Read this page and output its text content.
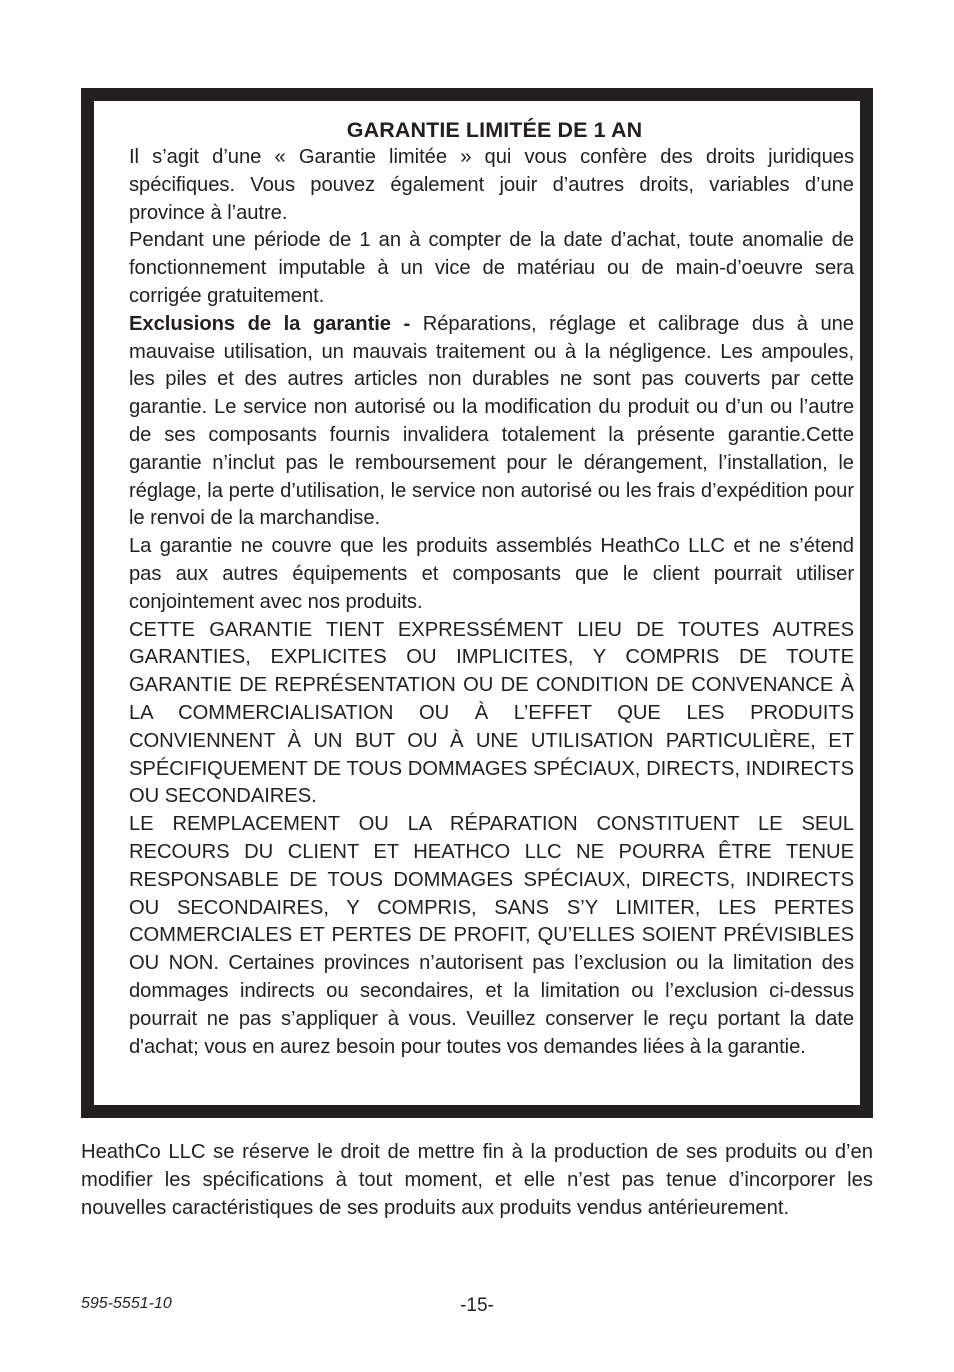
GARANTIE LIMITÉE DE 1 AN

Il s’agit d’une « Garantie limitée » qui vous confère des droits juridiques spécifiques. Vous pouvez également jouir d’autres droits, variables d’une province à l’autre.

Pendant une période de 1 an à compter de la date d’achat, toute anomalie de fonctionnement imputable à un vice de matériau ou de main-d’oeuvre sera corrigée gratuitement.

Exclusions de la garantie - Réparations, réglage et calibrage dus à une mauvaise utilisation, un mauvais traitement ou à la négligence. Les ampoules, les piles et des autres articles non durables ne sont pas couverts par cette garantie. Le service non autorisé ou la modification du produit ou d’un ou l’autre de ses composants fournis invalidera totalement la présente garantie.Cette garantie n’inclut pas le remboursement pour le dérangement, l’installation, le réglage, la perte d’utilisation, le service non autorisé ou les frais d’expédition pour le renvoi de la marchandise.

La garantie ne couvre que les produits assemblés HeathCo LLC et ne s’étend pas aux autres équipements et composants que le client pourrait utiliser conjointement avec nos produits.

CETTE GARANTIE TIENT EXPRESSÉMENT LIEU DE TOUTES AUTRES GARANTIES, EXPLICITES OU IMPLICITES, Y COMPRIS DE TOUTE GARANTIE DE REPRÉSENTATION OU DE CONDITION DE CONVENANCE À LA COMMERCIALISATION OU À L’EFFET QUE LES PRODUITS CONVIENNENT À UN BUT OU À UNE UTILISATION PARTICULIÈRE, ET SPÉCIFIQUEMENT DE TOUS DOMMAGES SPÉCIAUX, DIRECTS, INDIRECTS OU SECONDAIRES.

LE REMPLACEMENT OU LA RÉPARATION CONSTITUENT LE SEUL RECOURS DU CLIENT ET HEATHCO LLC NE POURRA ÊTRE TENUE RESPONSABLE DE TOUS DOMMAGES SPÉCIAUX, DIRECTS, INDIRECTS OU SECONDAIRES, Y COMPRIS, SANS S’Y LIMITER, LES PERTES COMMERCIALES ET PERTES DE PROFIT, QU’ELLES SOIENT PRÉVISIBLES OU NON. Certaines provinces n’autorisent pas l’exclusion ou la limitation des dommages indirects ou secondaires, et la limitation ou l’exclusion ci-dessus pourrait ne pas s’appliquer à vous. Veuillez conserver le reçu portant la date d'achat; vous en aurez besoin pour toutes vos demandes liées à la garantie.

HeathCo LLC se réserve le droit de mettre fin à la production de ses produits ou d’en modifier les spécifications à tout moment, et elle n’est pas tenue d’incorporer les nouvelles caractéristiques de ses produits aux produits vendus antérieurement.

595-5551-10	-15-
